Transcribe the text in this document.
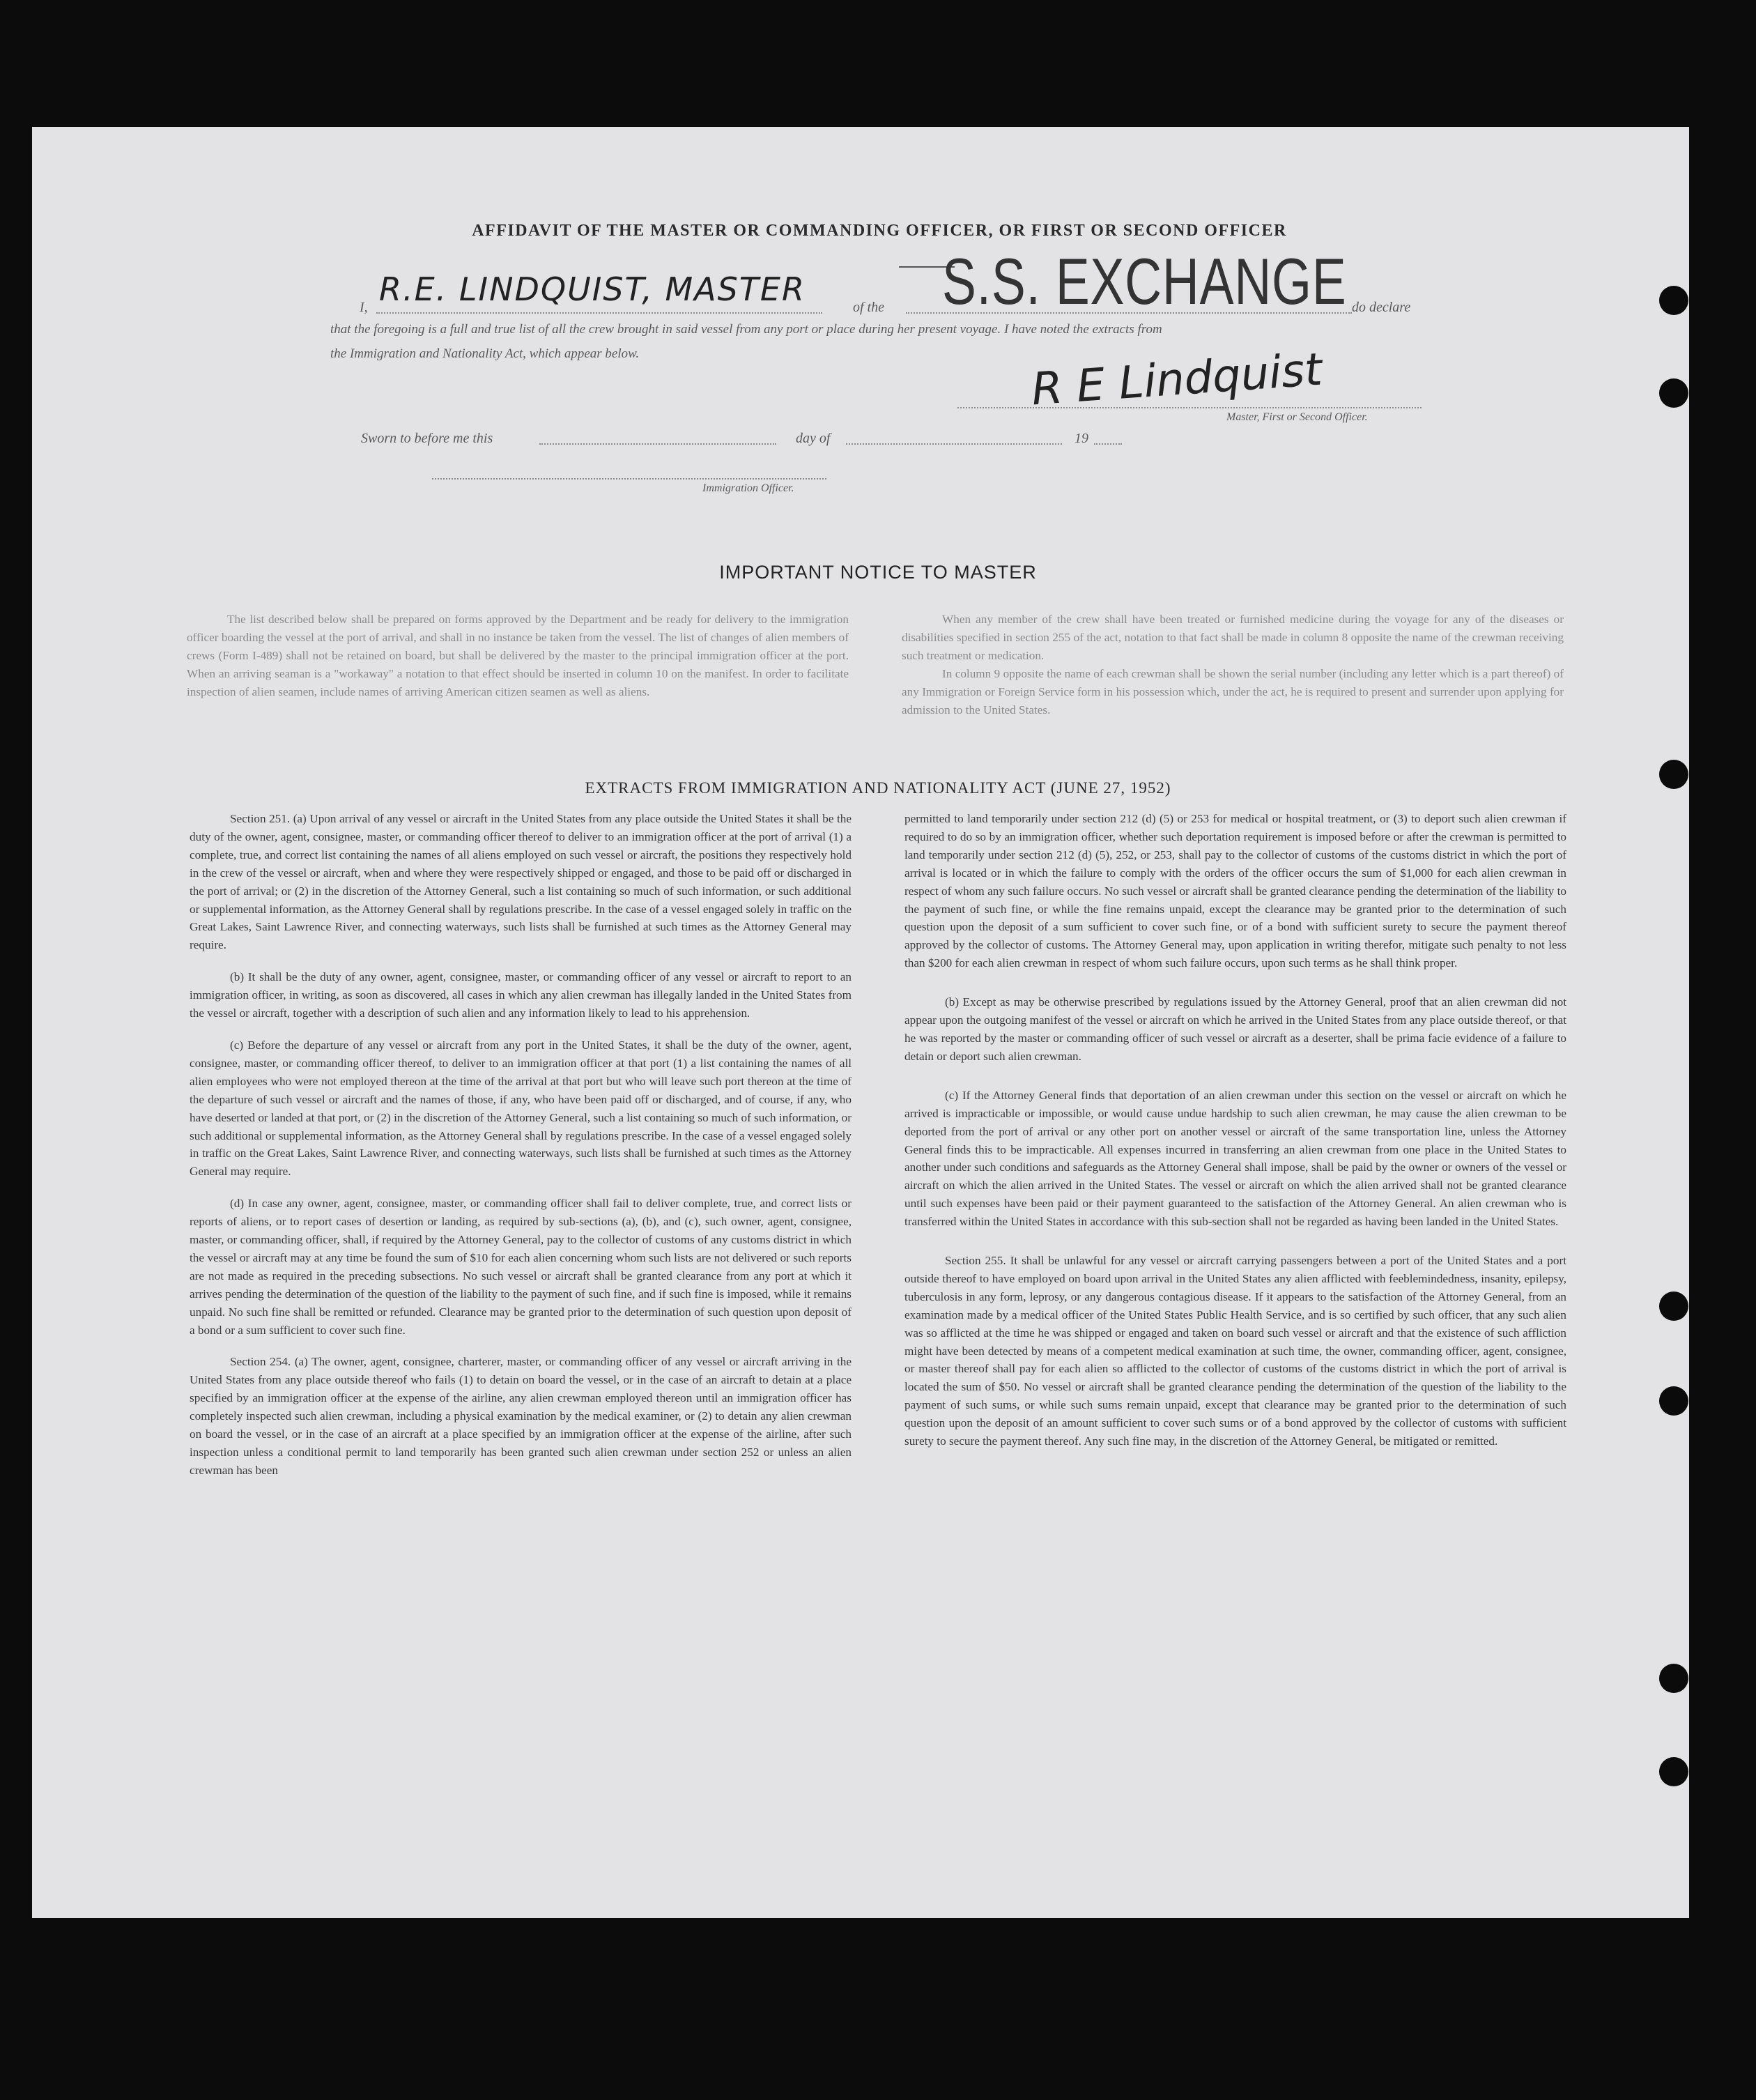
AFFIDAVIT OF THE MASTER OR COMMANDING OFFICER, OR FIRST OR SECOND OFFICER
I, R.E. LINDQUIST, MASTER	of the S.S. EXCHANGE do declare
that the foregoing is a full and true list of all the crew brought in said vessel from any port or place during her present voyage. I have noted the extracts from
the Immigration and Nationality Act, which appear below.	R E Lindquist
Master, First or Second Officer.
Sworn to before me this	day of	19
Immigration Officer.
IMPORTANT NOTICE TO MASTER

The list described below shall be prepared on forms approved by the Department and be ready for delivery to the immigration officer boarding the vessel at the port of arrival, and shall in no instance be taken from the vessel. The list of changes of alien members of crews (Form I-489) shall not be retained on board, but shall be delivered by the master to the principal immigration officer at the port. When an arriving seaman is a "workaway" a notation to that effect should be inserted in column 10 on the manifest. In order to facilitate inspection of alien seamen, include names of arriving American citizen seamen as well as aliens.

When any member of the crew shall have been treated or furnished medicine during the voyage for any of the diseases or disabilities specified in section 255 of the act, notation to that fact shall be made in column 8 opposite the name of the crewman receiving such treatment or medication.

In column 9 opposite the name of each crewman shall be shown the serial number (including any letter which is a part thereof) of any Immigration or Foreign Service form in his possession which, under the act, he is required to present and surrender upon applying for admission to the United States.

EXTRACTS FROM IMMIGRATION AND NATIONALITY ACT (JUNE 27, 1952)

Section 251. (a) Upon arrival of any vessel or aircraft in the United States from any place outside the United States it shall be the duty of the owner, agent, consignee, master, or commanding officer thereof to deliver to an immigration officer at the port of arrival (1) a complete, true, and correct list containing the names of all aliens employed on such vessel or aircraft, the positions they respectively hold in the crew of the vessel or aircraft, when and where they were respectively shipped or engaged, and those to be paid off or discharged in the port of arrival; or (2) in the discretion of the Attorney General, such a list containing so much of such information, or such additional or supplemental information, as the Attorney General shall by regulations prescribe. In the case of a vessel engaged solely in traffic on the Great Lakes, Saint Lawrence River, and connecting waterways, such lists shall be furnished at such times as the Attorney General may require.

(b) It shall be the duty of any owner, agent, consignee, master, or commanding officer of any vessel or aircraft to report to an immigration officer, in writing, as soon as discovered, all cases in which any alien crewman has illegally landed in the United States from the vessel or aircraft, together with a description of such alien and any information likely to lead to his apprehension.

(c) Before the departure of any vessel or aircraft from any port in the United States, it shall be the duty of the owner, agent, consignee, master, or commanding officer thereof, to deliver to an immigration officer at that port (1) a list containing the names of all alien employees who were not employed thereon at the time of the arrival at that port but who will leave such port thereon at the time of the departure of such vessel or aircraft and the names of those, if any, who have been paid off or discharged, and of course, if any, who have deserted or landed at that port, or (2) in the discretion of the Attorney General, such a list containing so much of such information, or such additional or supplemental information, as the Attorney General shall by regulations prescribe. In the case of a vessel engaged solely in traffic on the Great Lakes, Saint Lawrence River, and connecting waterways, such lists shall be furnished at such times as the Attorney General may require.

(d) In case any owner, agent, consignee, master, or commanding officer shall fail to deliver complete, true, and correct lists or reports of aliens, or to report cases of desertion or landing, as required by sub-sections (a), (b), and (c), such owner, agent, consignee, master, or commanding officer, shall, if required by the Attorney General, pay to the collector of customs of any customs district in which the vessel or aircraft may at any time be found the sum of $10 for each alien concerning whom such lists are not delivered or such reports are not made as required in the preceding subsections. No such vessel or aircraft shall be granted clearance from any port at which it arrives pending the determination of the question of the liability to the payment of such fine, and if such fine is imposed, while it remains unpaid. No such fine shall be remitted or refunded. Clearance may be granted prior to the determination of such question upon deposit of a bond or a sum sufficient to cover such fine.

Section 254. (a) The owner, agent, consignee, charterer, master, or commanding officer of any vessel or aircraft arriving in the United States from any place outside thereof who fails (1) to detain on board the vessel, or in the case of an aircraft to detain at a place specified by an immigration officer at the expense of the airline, any alien crewman employed thereon until an immigration officer has completely inspected such alien crewman, including a physical examination by the medical examiner, or (2) to detain any alien crewman on board the vessel, or in the case of an aircraft at a place specified by an immigration officer at the expense of the airline, after such inspection unless a conditional permit to land temporarily has been granted such alien crewman under section 252 or unless an alien crewman has been

permitted to land temporarily under section 212 (d) (5) or 253 for medical or hospital treatment, or (3) to deport such alien crewman if required to do so by an immigration officer, whether such deportation requirement is imposed before or after the crewman is permitted to land temporarily under section 212 (d) (5), 252, or 253, shall pay to the collector of customs of the customs district in which the port of arrival is located or in which the failure to comply with the orders of the officer occurs the sum of $1,000 for each alien crewman in respect of whom any such failure occurs. No such vessel or aircraft shall be granted clearance pending the determination of the liability to the payment of such fine, or while the fine remains unpaid, except the clearance may be granted prior to the determination of such question upon the deposit of a sum sufficient to cover such fine, or of a bond with sufficient surety to secure the payment thereof approved by the collector of customs. The Attorney General may, upon application in writing therefor, mitigate such penalty to not less than $200 for each alien crewman in respect of whom such failure occurs, upon such terms as he shall think proper.

(b) Except as may be otherwise prescribed by regulations issued by the Attorney General, proof that an alien crewman did not appear upon the outgoing manifest of the vessel or aircraft on which he arrived in the United States from any place outside thereof, or that he was reported by the master or commanding officer of such vessel or aircraft as a deserter, shall be prima facie evidence of a failure to detain or deport such alien crewman.

(c) If the Attorney General finds that deportation of an alien crewman under this section on the vessel or aircraft on which he arrived is impracticable or impossible, or would cause undue hardship to such alien crewman, he may cause the alien crewman to be deported from the port of arrival or any other port on another vessel or aircraft of the same transportation line, unless the Attorney General finds this to be impracticable. All expenses incurred in transferring an alien crewman from one place in the United States to another under such conditions and safeguards as the Attorney General shall impose, shall be paid by the owner or owners of the vessel or aircraft on which the alien arrived in the United States. The vessel or aircraft on which the alien arrived shall not be granted clearance until such expenses have been paid or their payment guaranteed to the satisfaction of the Attorney General. An alien crewman who is transferred within the United States in accordance with this sub-section shall not be regarded as having been landed in the United States.

Section 255. It shall be unlawful for any vessel or aircraft carrying passengers between a port of the United States and a port outside thereof to have employed on board upon arrival in the United States any alien afflicted with feeblemindedness, insanity, epilepsy, tuberculosis in any form, leprosy, or any dangerous contagious disease. If it appears to the satisfaction of the Attorney General, from an examination made by a medical officer of the United States Public Health Service, and is so certified by such officer, that any such alien was so afflicted at the time he was shipped or engaged and taken on board such vessel or aircraft and that the existence of such affliction might have been detected by means of a competent medical examination at such time, the owner, commanding officer, agent, consignee, or master thereof shall pay for each alien so afflicted to the collector of customs of the customs district in which the port of arrival is located the sum of $50. No vessel or aircraft shall be granted clearance pending the determination of the question of the liability to the payment of such sums, or while such sums remain unpaid, except that clearance may be granted prior to the determination of such question upon the deposit of an amount sufficient to cover such sums or of a bond approved by the collector of customs with sufficient surety to secure the payment thereof. Any such fine may, in the discretion of the Attorney General, be mitigated or remitted.
